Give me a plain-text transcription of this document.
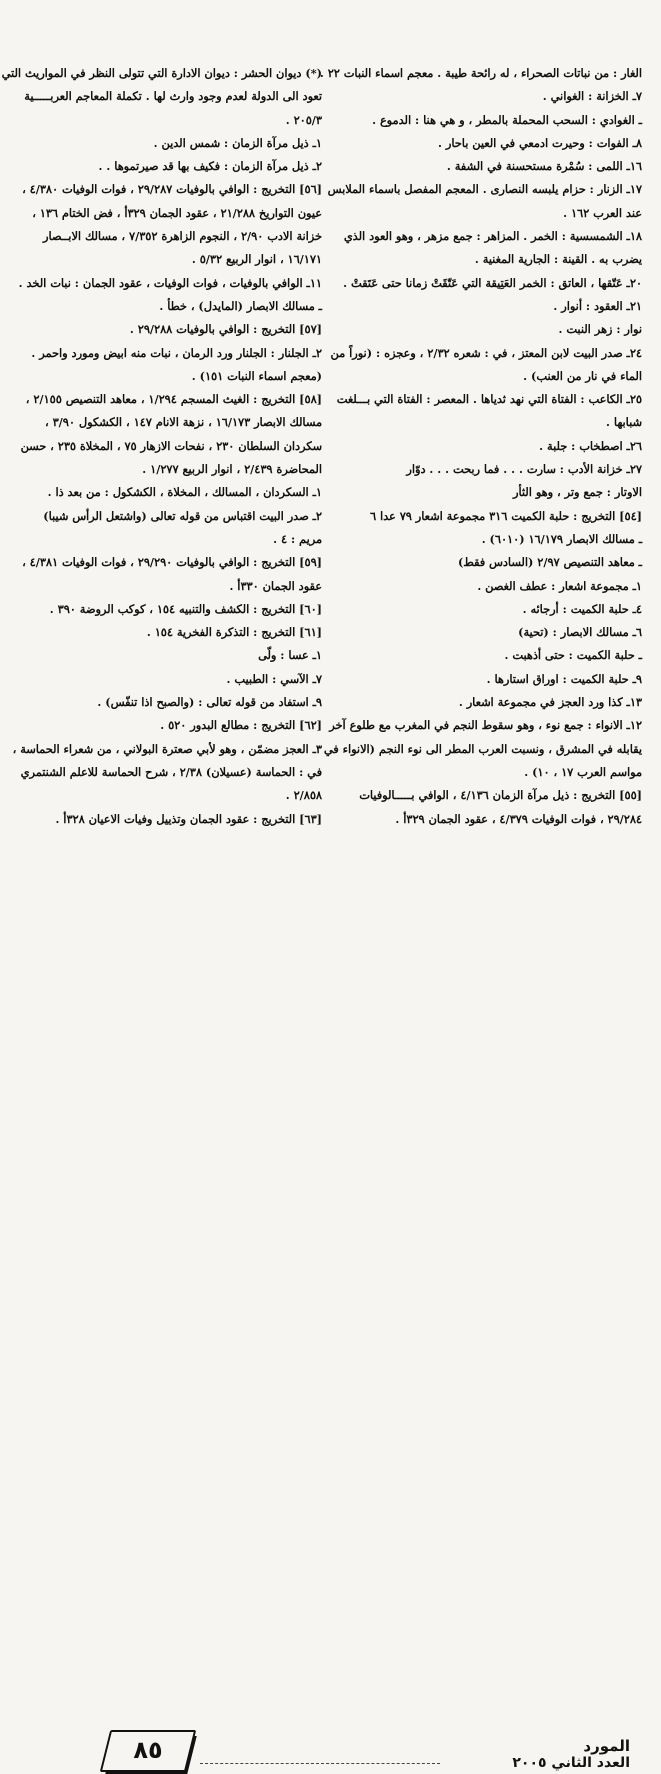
الغار : من نباتات الصحراء ، له رائحة طيبة . معجم اسماء النبات ٢٢ .
٧ـ الخزانة : الغواني .
ـ الغوادي : السحب المحملة بالمطر ، و هي هنا : الدموع .
٨ـ الفوات : وحيرت ادمعي في العين باحار .
١٦ـ اللمى : سُمْرة مستحسنة في الشفة .
١٧ـ الزنار : حزام يلبسه النصارى . المعجم المفصل باسماء الملابس
عند العرب ١٦٢ .
١٨ـ الشمسسية : الخمر . المزاهر : جمع مزهر ، وهو العود الذي
يضرب به . القينة : الجارية المغنية .
٢٠ـ عَتّقها ، العاتق : الخمر العَتِيقة التي عَتّقَتْ زمانا حتى عَتَقتْ .
٢١ـ العقود : أنوار .
نوار : زهر النبت .
٢٤ـ صدر البيت لابن المعتز ، في : شعره ٢/٣٢ ، وعجزه : (نوراً من
الماء في نار من العنب) .
٢٥ـ الكاعب : الفتاة التي نهد ثدياها . المعصر : الفتاة التي بـــلغت
شبابها .
٢٦ـ اصطخاب : جلبة .
٢٧ـ خزانة الأدب : سارت . . . فما ربحت . . . دوّار
الاوتار : جمع وتر ، وهو الثأر
[٥٤] التخريج : حلبة الكميت ٣١٦ مجموعة اشعار ٧٩ عدا ٦
ـ مسالك الابصار ١٦/١٧٩ (٦٠١٠) .
ـ معاهد التنصيص ٢/٩٧ (السادس فقط)
١ـ مجموعة اشعار : عطف الغصن .
٤ـ حلبة الكميت : أرجائه .
٦ـ مسالك الابصار : (تحية)
ـ حلبة الكميت : حتى أذهبت .
٩ـ حلبة الكميت : اوراق استارها .
١٣ـ كذا ورد العجز في مجموعة اشعار .
١٢ـ الانواء : جمع نوء ، وهو سقوط النجم في المغرب مع طلوع آخر
يقابله في المشرق ، ونسبت العرب المطر الى نوء النجم (الانواء في
مواسم العرب ١٧ ، ١٠) .
[٥٥] التخريج : ذيل مرآة الزمان ٤/١٣٦ ، الوافي بـــــالوفيات
٢٩/٢٨٤ ، فوات الوفيات ٤/٣٧٩ ، عقود الجمان ٣٢٩أ .
(*) ديوان الحشر : ديوان الادارة التي تتولى النظر في المواريث التي
تعود الى الدولة لعدم وجود وارث لها . تكملة المعاجم العربـــــية
٢٠٥/٣ .
١ـ ذيل مرآة الزمان : شمس الدين .
٢ـ ذيل مرآة الزمان : فكيف بها قد صيرتموها . .
[٥٦] التخريج : الوافي بالوفيات ٢٩/٢٨٧ ، فوات الوفيات ٤/٣٨٠ ،
عيون التواريخ ٢١/٢٨٨ ، عقود الجمان ٣٢٩أ ، فض الختام ١٣٦ ،
خزانة الادب ٢/٩٠ ، النجوم الزاهرة ٧/٣٥٢ ، مسالك الابــصار
١٦/١٧١ ، انوار الربيع ٥/٣٢ .
١١ـ الوافي بالوفيات ، فوات الوفيات ، عقود الجمان : نبات الخد .
ـ مسالك الابصار (المايدل) ، خطأ .
[٥٧] التخريج : الوافي بالوفيات ٢٩/٢٨٨ .
٢ـ الجلنار : الجلنار ورد الرمان ، نبات منه ابيض ومورد واحمر .
(معجم اسماء النبات ١٥١) .
[٥٨] التخريج : الغيث المسجم ١/٢٩٤ ، معاهد التنصيص ٢/١٥٥ ،
مسالك الابصار ١٦/١٧٣ ، نزهة الانام ١٤٧ ، الكشكول ٣/٩٠ ،
سكردان السلطان ٢٣٠ ، نفحات الازهار ٧٥ ، المخلاة ٢٣٥ ، حسن
المحاضرة ٢/٤٣٩ ، انوار الربيع ١/٢٧٧ .
١ـ السكردان ، المسالك ، المخلاة ، الكشكول : من بعد ذا .
٢ـ صدر البيت اقتباس من قوله تعالى (واشتعل الرأس شيبا)
مريم : ٤ .
[٥٩] التخريج : الوافي بالوفيات ٢٩/٢٩٠ ، فوات الوفيات ٤/٣٨١ ،
عقود الجمان ٣٣٠أ .
[٦٠] التخريج : الكشف والتنبيه ١٥٤ ، كوكب الروضة ٣٩٠ .
[٦١] التخريج : التذكرة الفخرية ١٥٤ .
١ـ عسا : ولّى
٧ـ الآسي : الطبيب .
٩ـ استفاد من قوله تعالى : (والصبح اذا تنفّس) .
[٦٢] التخريج : مطالع البدور ٥٢٠ .
٣ـ العجز مضمّن ، وهو لأبي صعترة البولاني ، من شعراء الحماسة ،
في : الحماسة (عسيلان) ٢/٣٨ ، شرح الحماسة للاعلم الشنتمري
٢/٨٥٨ .
[٦٣] التخريج : عقود الجمان وتذييل وفيات الاعيان ٣٢٨أ .
٨٥	المورد
العدد الثاني ٢٠٠٥
